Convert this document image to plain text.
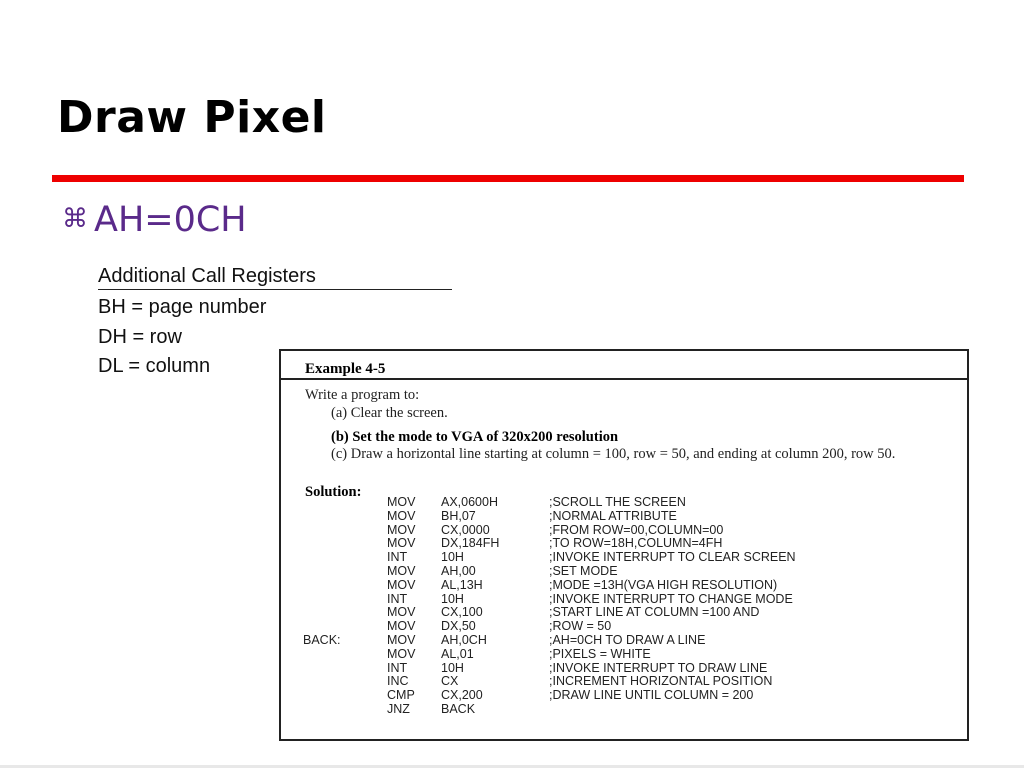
Draw Pixel
⌘ AH=0CH
Additional Call Registers
BH = page number
DH = row
DL = column	Example 4-5
Write a program to:
(a) Clear the screen.
(b) Set the mode to VGA of 320x200 resolution
(c) Draw a horizontal line starting at column = 100, row = 50, and ending at column 200, row 50.
Solution:
	MOV	AX,0600H	;SCROLL THE SCREEN
	MOV	BH,07	;NORMAL ATTRIBUTE
	MOV	CX,0000	;FROM ROW=00,COLUMN=00
	MOV	DX,184FH	;TO ROW=18H,COLUMN=4FH
	INT	10H	;INVOKE INTERRUPT TO CLEAR SCREEN
	MOV	AH,00	;SET MODE
	MOV	AL,13H	;MODE =13H(VGA HIGH RESOLUTION)
	INT	10H	;INVOKE INTERRUPT TO CHANGE MODE
	MOV	CX,100	;START LINE AT COLUMN =100 AND
	MOV	DX,50	;ROW = 50
BACK:	MOV	AH,0CH	;AH=0CH TO DRAW A LINE
	MOV	AL,01	;PIXELS = WHITE
	INT	10H	;INVOKE INTERRUPT TO DRAW LINE
	INC	CX	;INCREMENT HORIZONTAL POSITION
	CMP	CX,200	;DRAW LINE UNTIL COLUMN = 200
	JNZ	BACK	
